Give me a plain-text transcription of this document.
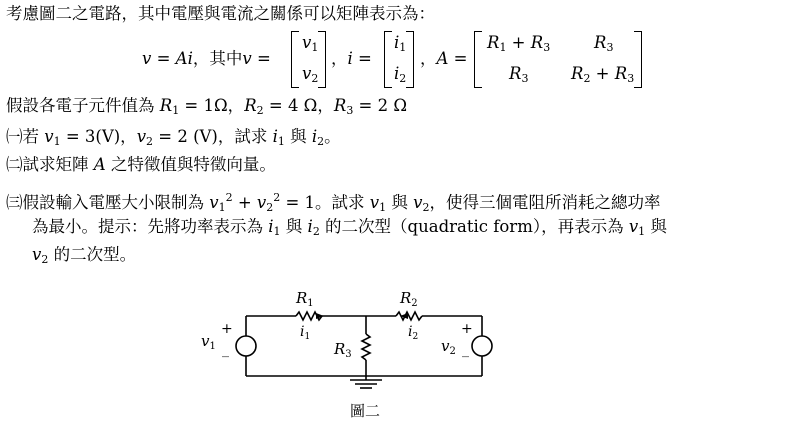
考慮圖二之電路，其中電壓與電流之關係可以矩陣表示為：
v = Ai，其中v =
$v_1$
$v_2$
，i =
$i_1$
$i_2$
，A =
$R_1 + R_3$	$R_3$
$R_3$	$R_2 + R_3$
假設各電子元件值為 $R_1 = 1\Omega$，$R_2 = 4$ Ω，$R_3 = 2$ Ω
㈠若 $v_1 = 3(V)$，$v_2 = 2$ (V)，試求 $i_1$ 與 $i_2$。
㈡試求矩陣 A 之特徵值與特徵向量。
㈢假設輸入電壓大小限制為 $v_1^2 + v_2^2 = 1$。試求 $v_1$ 與 $v_2$，使得三個電阻所消耗之總功率
為最小。提示：先將功率表示為 $i_1$ 與 $i_2$ 的二次型（quadratic form），再表示為 $v_1$ 與
$v_2$ 的二次型。
$R_1$	$R_2$
$R_3$
$i_1$	$i_2$
$v_1$	$v_2$
+
_
+
_
圖二
